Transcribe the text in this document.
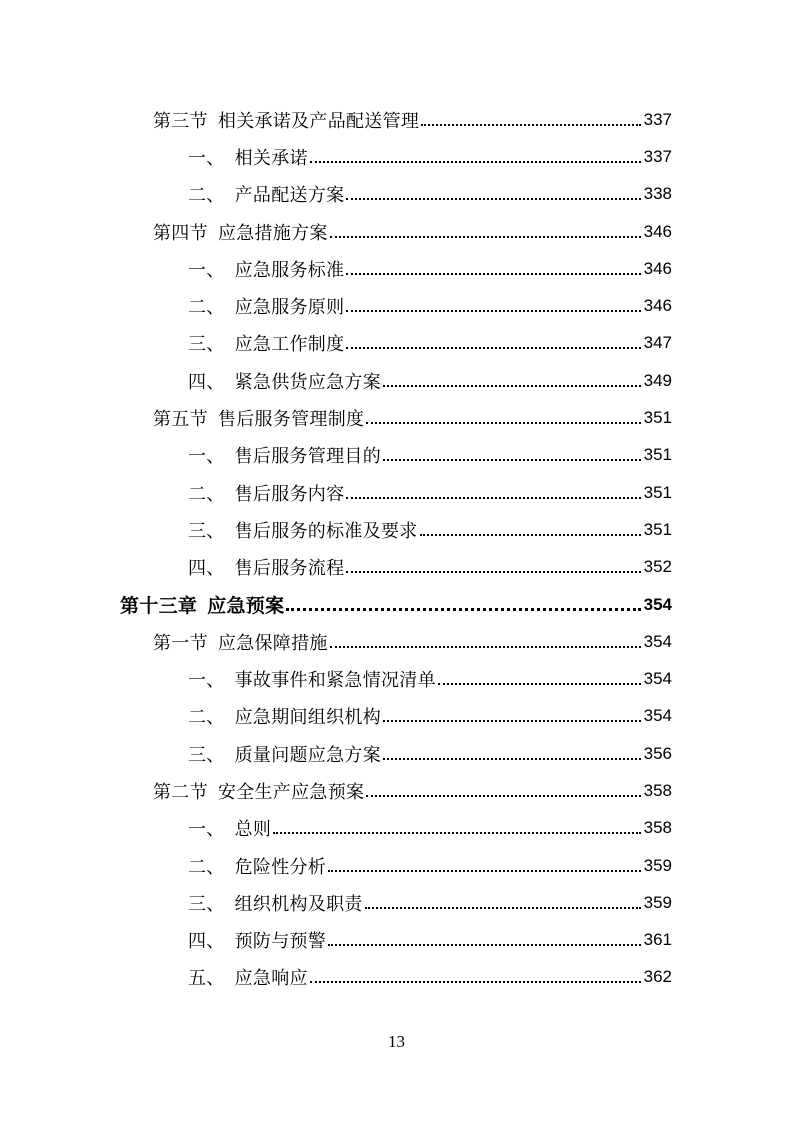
第三节 相关承诺及产品配送管理	337
一、 相关承诺	337
二、 产品配送方案	338
第四节 应急措施方案	346
一、 应急服务标准	346
二、 应急服务原则	346
三、 应急工作制度	347
四、 紧急供货应急方案	349
第五节 售后服务管理制度	351
一、 售后服务管理目的	351
二、 售后服务内容	351
三、 售后服务的标准及要求	351
四、 售后服务流程	352
第十三章 应急预案	354
第一节 应急保障措施	354
一、 事故事件和紧急情况清单	354
二、 应急期间组织机构	354
三、 质量问题应急方案	356
第二节 安全生产应急预案	358
一、 总则	358
二、 危险性分析	359
三、 组织机构及职责	359
四、 预防与预警	361
五、 应急响应	362
13
